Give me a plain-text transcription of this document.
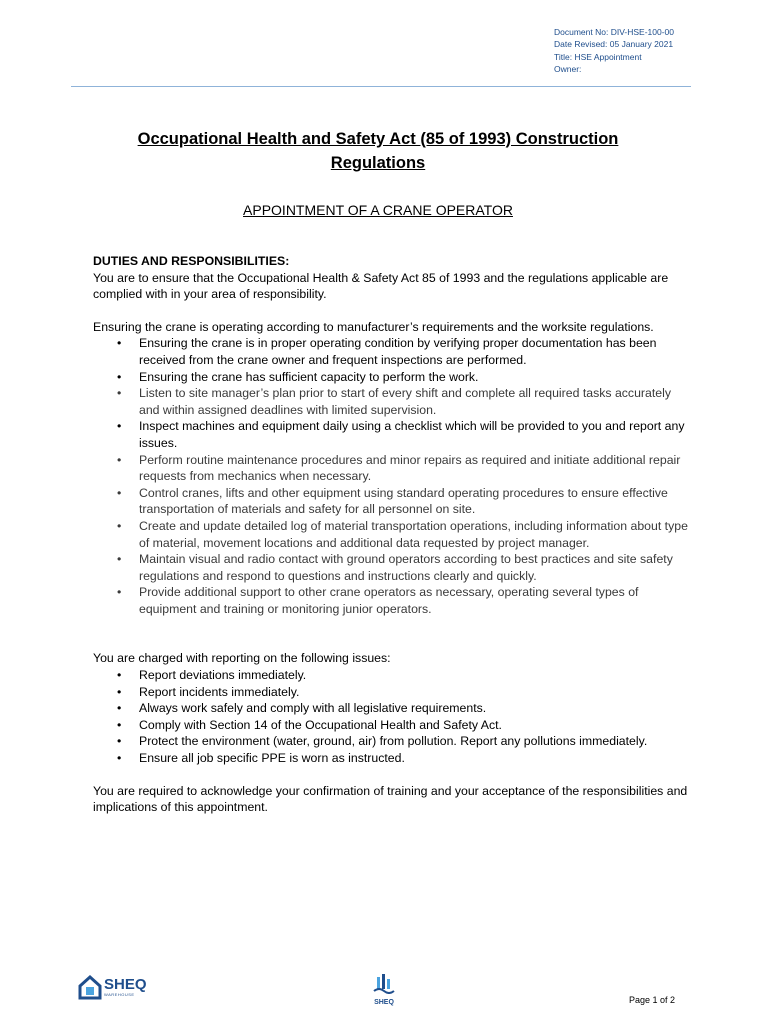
Document No: DIV-HSE-100-00
Date Revised: 05 January 2021
Title: HSE Appointment
Owner:
Occupational Health and Safety Act (85 of 1993) Construction Regulations
APPOINTMENT OF A CRANE OPERATOR

DUTIES AND RESPONSIBILITIES:

You are to ensure that the Occupational Health & Safety Act 85 of 1993 and the regulations applicable are complied with in your area of responsibility.

Ensuring the crane is operating according to manufacturer’s requirements and the worksite regulations.

• Ensuring the crane is in proper operating condition by verifying proper documentation has been received from the crane owner and frequent inspections are performed.
• Ensuring the crane has sufficient capacity to perform the work.
• Listen to site manager’s plan prior to start of every shift and complete all required tasks accurately and within assigned deadlines with limited supervision.
• Inspect machines and equipment daily using a checklist which will be provided to you and report any issues.
• Perform routine maintenance procedures and minor repairs as required and initiate additional repair requests from mechanics when necessary.
• Control cranes, lifts and other equipment using standard operating procedures to ensure effective transportation of materials and safety for all personnel on site.
• Create and update detailed log of material transportation operations, including information about type of material, movement locations and additional data requested by project manager.
• Maintain visual and radio contact with ground operators according to best practices and site safety regulations and respond to questions and instructions clearly and quickly.
• Provide additional support to other crane operators as necessary, operating several types of equipment and training or monitoring junior operators.

You are charged with reporting on the following issues:

• Report deviations immediately.
• Report incidents immediately.
• Always work safely and comply with all legislative requirements.
• Comply with Section 14 of the Occupational Health and Safety Act.
• Protect the environment (water, ground, air) from pollution. Report any pollutions immediately.
• Ensure all job specific PPE is worn as instructed.

You are required to acknowledge your confirmation of training and your acceptance of the responsibilities and implications of this appointment.

SHEQ
WAREHOUSE
SHEQ	Page 1 of 2
